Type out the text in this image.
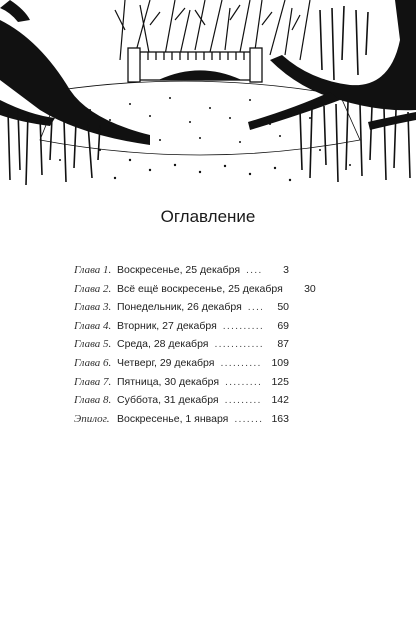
Оглавление
Глава 1. Воскресенье, 25 декабря .....	3
Глава 2. Всё ещё воскресенье, 25 декабря	30
Глава 3. Понедельник, 26 декабря .....	50
Глава 4. Вторник, 27 декабря .....	69
Глава 5. Среда, 28 декабря .....	87
Глава 6. Четверг, 29 декабря .....	109
Глава 7. Пятница, 30 декабря .....	125
Глава 8. Суббота, 31 декабря .....	142
Эпилог. Воскресенье, 1 января .....	163
